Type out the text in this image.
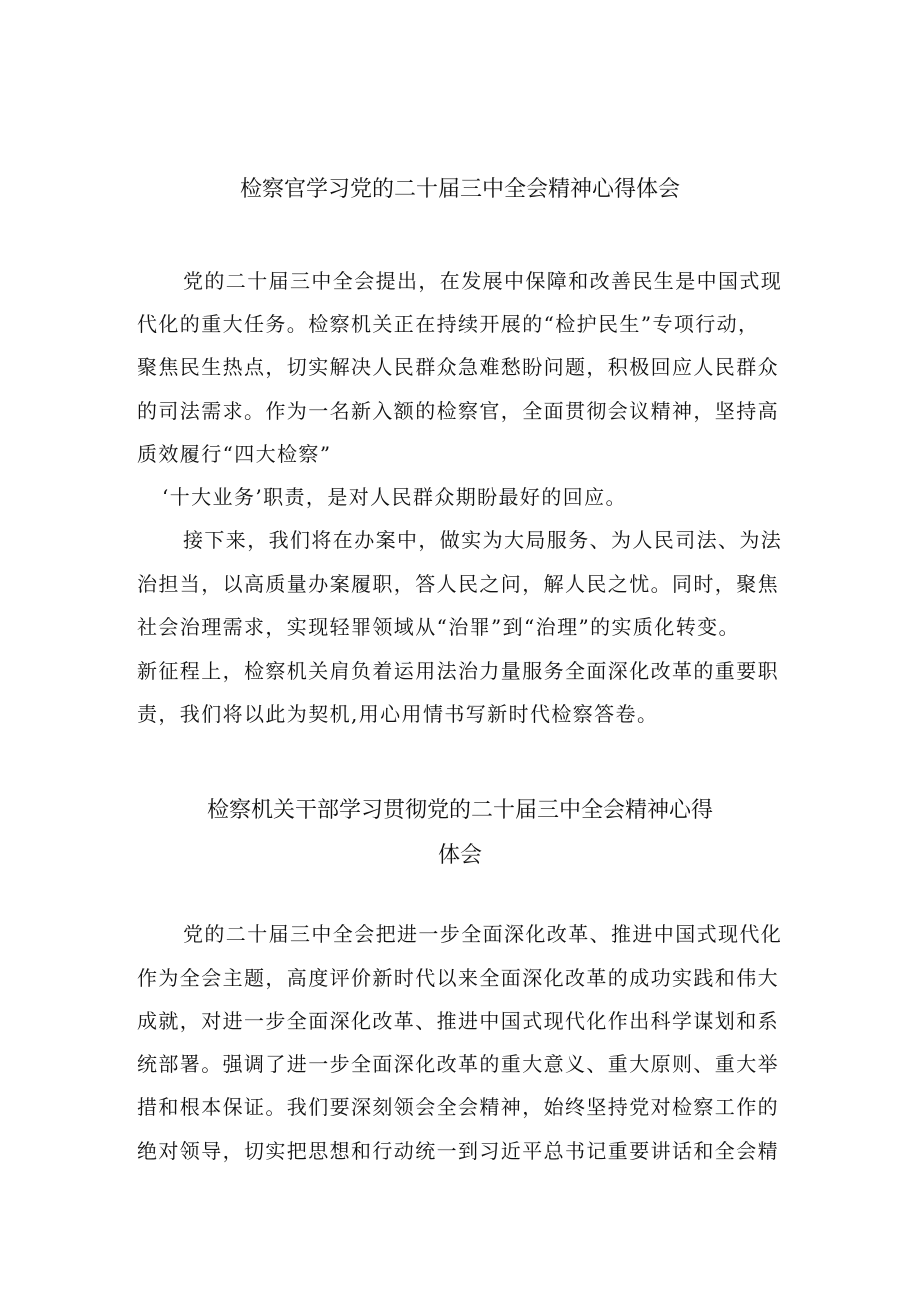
检察官学习党的二十届三中全会精神心得体会

党的二十届三中全会提出，在发展中保障和改善民生是中国式现

代化的重大任务。检察机关正在持续开展的“检护民生”专项行动，

聚焦民生热点，切实解决人民群众急难愁盼问题，积极回应人民群众

的司法需求。作为一名新入额的检察官，全面贯彻会议精神，坚持高

质效履行“四大检察”

‘十大业务’职责，是对人民群众期盼最好的回应。

接下来，我们将在办案中，做实为大局服务、为人民司法、为法

治担当，以高质量办案履职，答人民之问，解人民之忧。同时，聚焦

社会治理需求，实现轻罪领域从“治罪”到“治理”的实质化转变。

新征程上，检察机关肩负着运用法治力量服务全面深化改革的重要职

责，我们将以此为契机,用心用情书写新时代检察答卷。

检察机关干部学习贯彻党的二十届三中全会精神心得
体会

党的二十届三中全会把进一步全面深化改革、推进中国式现代化

作为全会主题，高度评价新时代以来全面深化改革的成功实践和伟大

成就，对进一步全面深化改革、推进中国式现代化作出科学谋划和系

统部署。强调了进一步全面深化改革的重大意义、重大原则、重大举

措和根本保证。我们要深刻领会全会精神，始终坚持党对检察工作的

绝对领导，切实把思想和行动统一到习近平总书记重要讲话和全会精
